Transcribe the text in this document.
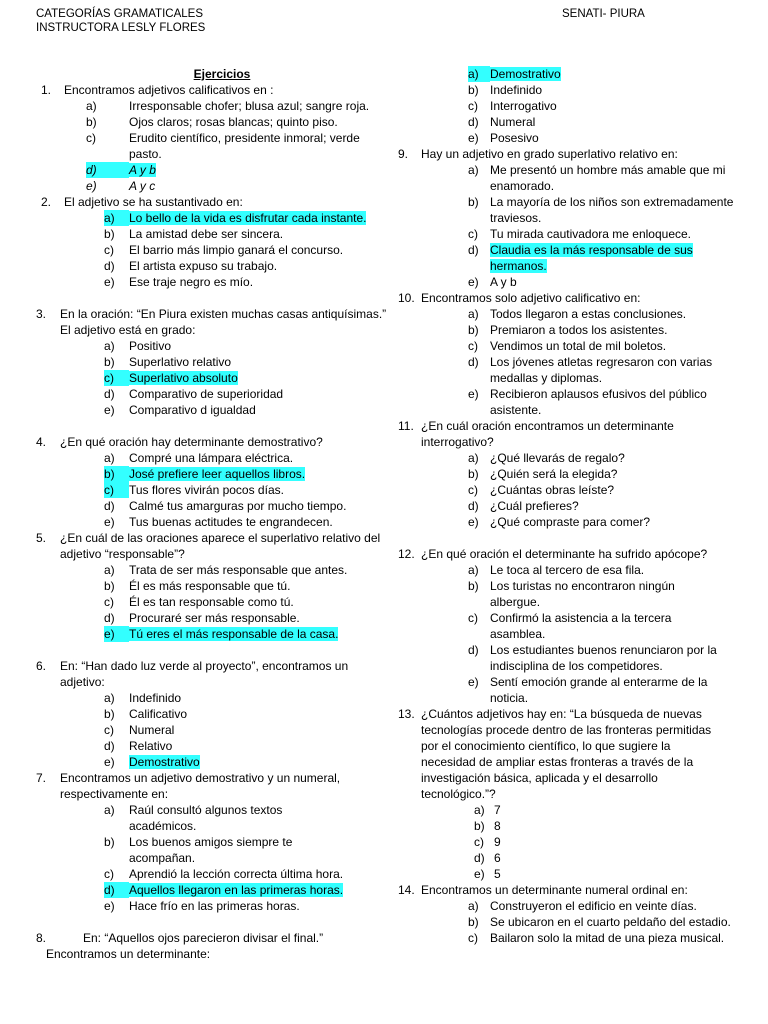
CATEGORÍAS GRAMATICALES
INSTRUCTORA LESLY FLORES
SENATI- PIURA
Ejercicios
1.	Encontramos adjetivos calificativos en :
a)	Irresponsable chofer; blusa azul; sangre roja.
b)	Ojos claros; rosas blancas; quinto piso.
c)	Erudito científico, presidente inmoral; verde pasto.
d)	A y b
e)	A y c
2.	El adjetivo se ha sustantivado en:
a)	Lo bello de la vida es disfrutar cada instante.
b)	La amistad debe ser sincera.
c)	El barrio más limpio ganará el concurso.
d)	El artista expuso su trabajo.
e)	Ese traje negro es mío.
3.	En la oración: “En Piura existen muchas casas antiquísimas.” El adjetivo está en grado:
a)	Positivo
b)	Superlativo relativo
c)	Superlativo absoluto
d)	Comparativo de superioridad
e)	Comparativo d igualdad
4.	¿En qué oración hay determinante demostrativo?
a)	Compré una lámpara eléctrica.
b)	José prefiere leer aquellos libros.
c)	Tus flores vivirán pocos días.
d)	Calmé tus amarguras por mucho tiempo.
e)	Tus buenas actitudes te engrandecen.
5.	¿En cuál de las oraciones aparece el superlativo relativo del adjetivo “responsable”?
a)	Trata de ser más responsable que antes.
b)	Él es más responsable que tú.
c)	Él es tan responsable como tú.
d)	Procuraré ser más responsable.
e)	Tú eres el más responsable de la casa.
6.	En: “Han dado luz verde al proyecto”, encontramos un adjetivo:
a)	Indefinido
b)	Calificativo
c)	Numeral
d)	Relativo
e)	Demostrativo
7.	Encontramos un adjetivo demostrativo y un numeral, respectivamente en:
a)	Raúl consultó algunos textos académicos.
b)	Los buenos amigos siempre te acompañan.
c)	Aprendió la lección correcta última hora.
d)	Aquellos llegaron en las primeras horas.
e)	Hace frío en las primeras horas.
8.	En: “Aquellos ojos parecieron divisar el final.”
Encontramos un determinante:
a) Demostrativo
b) Indefinido
c)	Interrogativo
d) Numeral
e) Posesivo
9.	Hay un adjetivo en grado superlativo relativo en:
a) Me presentó un hombre más amable que mi enamorado.
b) La mayoría de los niños son extremadamente traviesos.
c)	Tu mirada cautivadora me enloquece.
d) Claudia es la más responsable de sus hermanos.
e) A y b
10. Encontramos solo adjetivo calificativo en:
a) Todos llegaron a estas conclusiones.
b) Premiaron a todos los asistentes.
c)	Vendimos un total de mil boletos.
d) Los jóvenes atletas regresaron con varias medallas y diplomas.
e) Recibieron aplausos efusivos del público asistente.
11. ¿En cuál oración encontramos un determinante interrogativo?
a) ¿Qué llevarás de regalo?
b) ¿Quién será la elegida?
c)	¿Cuántas obras leíste?
d) ¿Cuál prefieres?
e) ¿Qué compraste para comer?
12. ¿En qué oración el determinante ha sufrido apócope?
a) Le toca al tercero de esa fila.
b) Los turistas no encontraron ningún albergue.
c)	Confirmó la asistencia a la tercera asamblea.
d) Los estudiantes buenos renunciaron por la indisciplina de los competidores.
e) Sentí emoción grande al enterarme de la noticia.
13. ¿Cuántos adjetivos hay en: “La búsqueda de nuevas tecnologías procede dentro de las fronteras permitidas por el conocimiento científico, lo que sugiere la necesidad de ampliar estas fronteras a través de la investigación básica, aplicada y el desarrollo tecnológico.”?
a) 7
b) 8
c) 9
d) 6
e) 5
14. Encontramos un determinante numeral ordinal en:
a) Construyeron el edificio en veinte días.
b) Se ubicaron en el cuarto peldaño del estadio.
c)	Bailaron solo la mitad de una pieza musical.
